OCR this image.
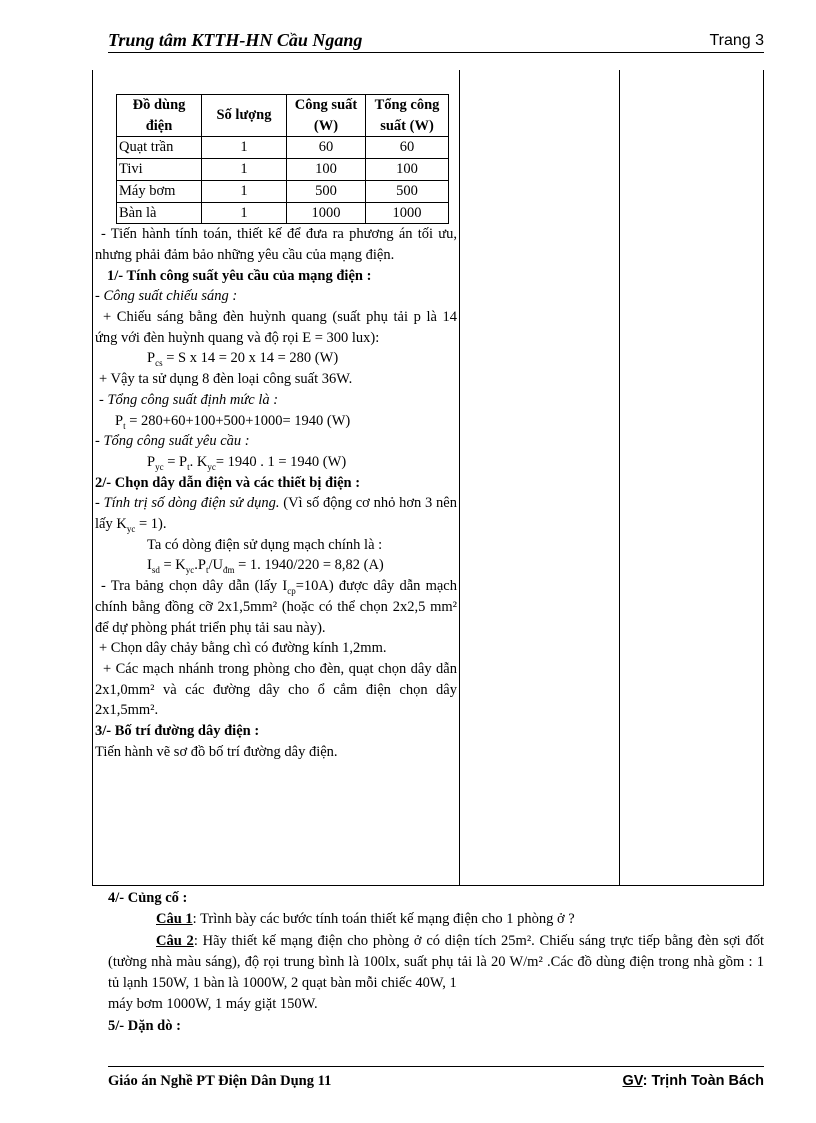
Trung tâm KTTH-HN Cầu Ngang	Trang 3
Đồ dùng điện	Số lượng	Công suất (W)	Tổng công suất (W)
Quạt trần	1	60	60
Tivi	1	100	100
Máy bơm	1	500	500
Bàn là	1	1000	1000

- Tiến hành tính toán, thiết kế để đưa ra phương án tối ưu, nhưng phải đảm bảo những yêu cầu của mạng điện.

1/- Tính công suất yêu cầu của mạng điện :

- Công suất chiếu sáng :

+ Chiếu sáng bằng đèn huỳnh quang (suất phụ tải p là 14 ứng với đèn huỳnh quang và độ rọi E = 300 lux):

$P_{cs} = S$ x 14 = 20 x 14 = 280 (W)

+ Vậy ta sử dụng 8 đèn loại công suất 36W.

- Tổng công suất định mức là :

$P_t = 280+60+100+500+1000= 1940$ (W)

- Tổng công suất yêu cầu :

$P_{yc} = P_t$. $K_{yc}= 1940$ . 1 = 1940 (W)

2/- Chọn dây dẫn điện và các thiết bị điện :

- Tính trị số dòng điện sử dụng. (Vì số động cơ nhỏ hơn 3 nên lấy $K_{yc} = 1$).

Ta có dòng điện sử dụng mạch chính là :

$I_{sd} = K_{yc}.P_t/U_{đm} = 1$. 1940/220 = 8,82 (A)

- Tra bảng chọn dây dẫn (lấy $I_{cp}=10A$) được dây dẫn mạch chính bằng đồng cỡ 2x1,5mm² (hoặc có thể chọn 2x2,5 mm² để dự phòng phát triển phụ tải sau này).

+ Chọn dây chảy bằng chì có đường kính 1,2mm.

+ Các mạch nhánh trong phòng cho đèn, quạt chọn dây dẫn 2x1,0mm² và các đường dây cho ổ cắm điện chọn dây 2x1,5mm².

3/- Bố trí đường dây điện :

Tiến hành vẽ sơ đồ bố trí đường dây điện.

4/- Củng cố :

Câu 1: Trình bày các bước tính toán thiết kế mạng điện cho 1 phòng ở ?

Câu 2: Hãy thiết kế mạng điện cho phòng ở có diện tích 25m². Chiếu sáng trực tiếp bằng đèn sợi đốt (tường nhà màu sáng), độ rọi trung bình là 100lx, suất phụ tải là 20 W/m² .Các đồ dùng điện trong nhà gồm : 1 tủ lạnh 150W, 1 bàn là 1000W, 2 quạt bàn mỗi chiếc 40W, 1

máy bơm 1000W, 1 máy giặt 150W.

5/- Dặn dò :

Giáo án Nghề PT Điện Dân Dụng 11	GV: Trịnh Toàn Bách
